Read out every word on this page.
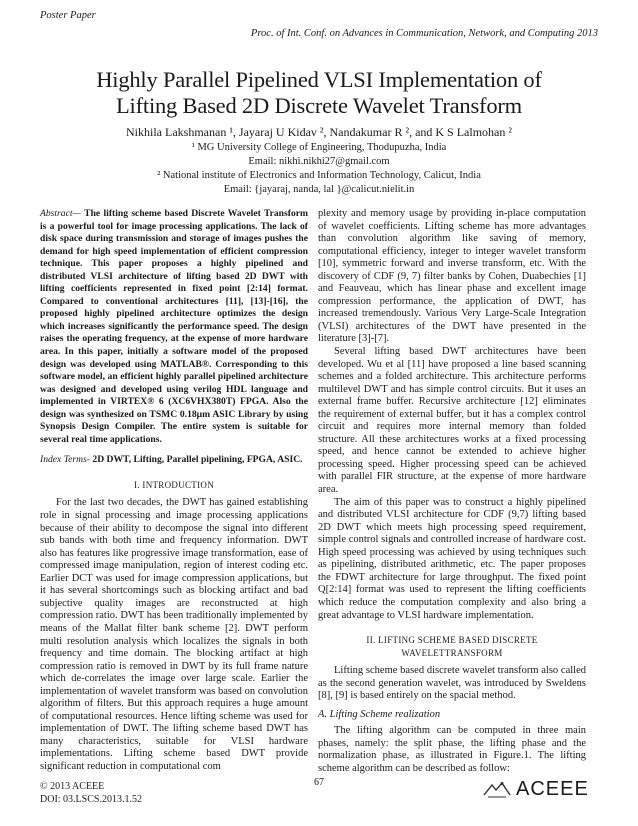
Poster Paper
Proc. of Int. Conf. on Advances in Communication, Network, and Computing 2013
Highly Parallel Pipelined VLSI Implementation of
Lifting Based 2D Discrete Wavelet Transform
Nikhila Lakshmanan ¹, Jayaraj U Kidav ², Nandakumar R ², and K S Lalmohan ²
¹ MG University College of Engineering, Thodupuzha, India
Email: nikhi.nikhi27@gmail.com
² National institute of Electronics and Information Technology, Calicut, India
Email: {jayaraj, nanda, lal }@calicut.nielit.in

Abstract— The lifting scheme based Discrete Wavelet Transform is a powerful tool for image processing applications. The lack of disk space during transmission and storage of images pushes the demand for high speed implementation of efficient compression technique. This paper proposes a highly pipelined and distributed VLSI architecture of lifting based 2D DWT with lifting coefficients represented in fixed point [2:14] format. Compared to conventional architectures [11], [13]-[16], the proposed highly pipelined architecture optimizes the design which increases significantly the performance speed. The design raises the operating frequency, at the expense of more hardware area. In this paper, initially a software model of the proposed design was developed using MATLAB®. Corresponding to this software model, an efficient highly parallel pipelined architecture was designed and developed using verilog HDL language and implemented in VIRTEX® 6 (XC6VHX380T) FPGA. Also the design was synthesized on TSMC 0.18μm ASIC Library by using Synopsis Design Compiler. The entire system is suitable for several real time applications.

Index Terms- 2D DWT, Lifting, Parallel pipelining, FPGA, ASIC.

I. INTRODUCTION

For the last two decades, the DWT has gained establishing role in signal processing and image processing applications because of their ability to decompose the signal into different sub bands with both time and frequency information. DWT also has features like progressive image transformation, ease of compressed image manipulation, region of interest coding etc. Earlier DCT was used for image compression applications, but it has several shortcomings such as blocking artifact and bad subjective quality images are reconstructed at high compression ratio. DWT has been traditionally implemented by means of the Mallat filter bank scheme [2]. DWT perform multi resolution analysis which localizes the signals in both frequency and time domain. The blocking artifact at high compression ratio is removed in DWT by its full frame nature which de-correlates the image over large scale. Earlier the implementation of wavelet transform was based on convolution algorithm of filters. But this approach requires a huge amount of computational resources. Hence lifting scheme was used for implementation of DWT. The lifting scheme based DWT has many characteristics, suitable for VLSI hardware implementations. Lifting scheme based DWT provide significant reduction in computational com

plexity and memory usage by providing in-place computation of wavelet coefficients. Lifting scheme has more advantages than convolution algorithm like saving of memory, computational efficiency, integer to integer wavelet transform [10], symmetric forward and inverse transform, etc. With the discovery of CDF (9, 7) filter banks by Cohen, Duabechies [1] and Feauveau, which has linear phase and excellent image compression performance, the application of DWT, has increased tremendously. Various Very Large-Scale Integration (VLSI) architectures of the DWT have presented in the literature [3]-[7].

Several lifting based DWT architectures have been developed. Wu et al [11] have proposed a line based scanning schemes and a folded architecture. This architecture performs multilevel DWT and has simple control circuits. But it uses an external frame buffer. Recursive architecture [12] eliminates the requirement of external buffer, but it has a complex control circuit and requires more internal memory than folded structure. All these architectures works at a fixed processing speed, and hence cannot be extended to achieve higher processing speed. Higher processing speed can be achieved with parallel FIR structure, at the expense of more hardware area.

The aim of this paper was to construct a highly pipelined and distributed VLSI architecture for CDF (9,7) lifting based 2D DWT which meets high processing speed requirement, simple control signals and controlled increase of hardware cost. High speed processing was achieved by using techniques such as pipelining, distributed arithmetic, etc. The paper proposes the FDWT architecture for large throughput. The fixed point Q[2:14] format was used to represent the lifting coefficients which reduce the computation complexity and also bring a great advantage to VLSI hardware implementation.

II. LIFTING SCHEME BASED DISCRETE WAVELETTRANSFORM

Lifting scheme based discrete wavelet transform also called as the second generation wavelet, was introduced by Sweldens [8], [9] is based entirely on the spacial method.

A. Lifting Scheme realization

The lifting algorithm can be computed in three main phases, namely: the split phase, the lifting phase and the normalization phase, as illustrated in Figure.1. The lifting scheme algorithm can be described as follow:

© 2013 ACEEE
DOI: 03.LSCS.2013.1.52
67	ACEEE
